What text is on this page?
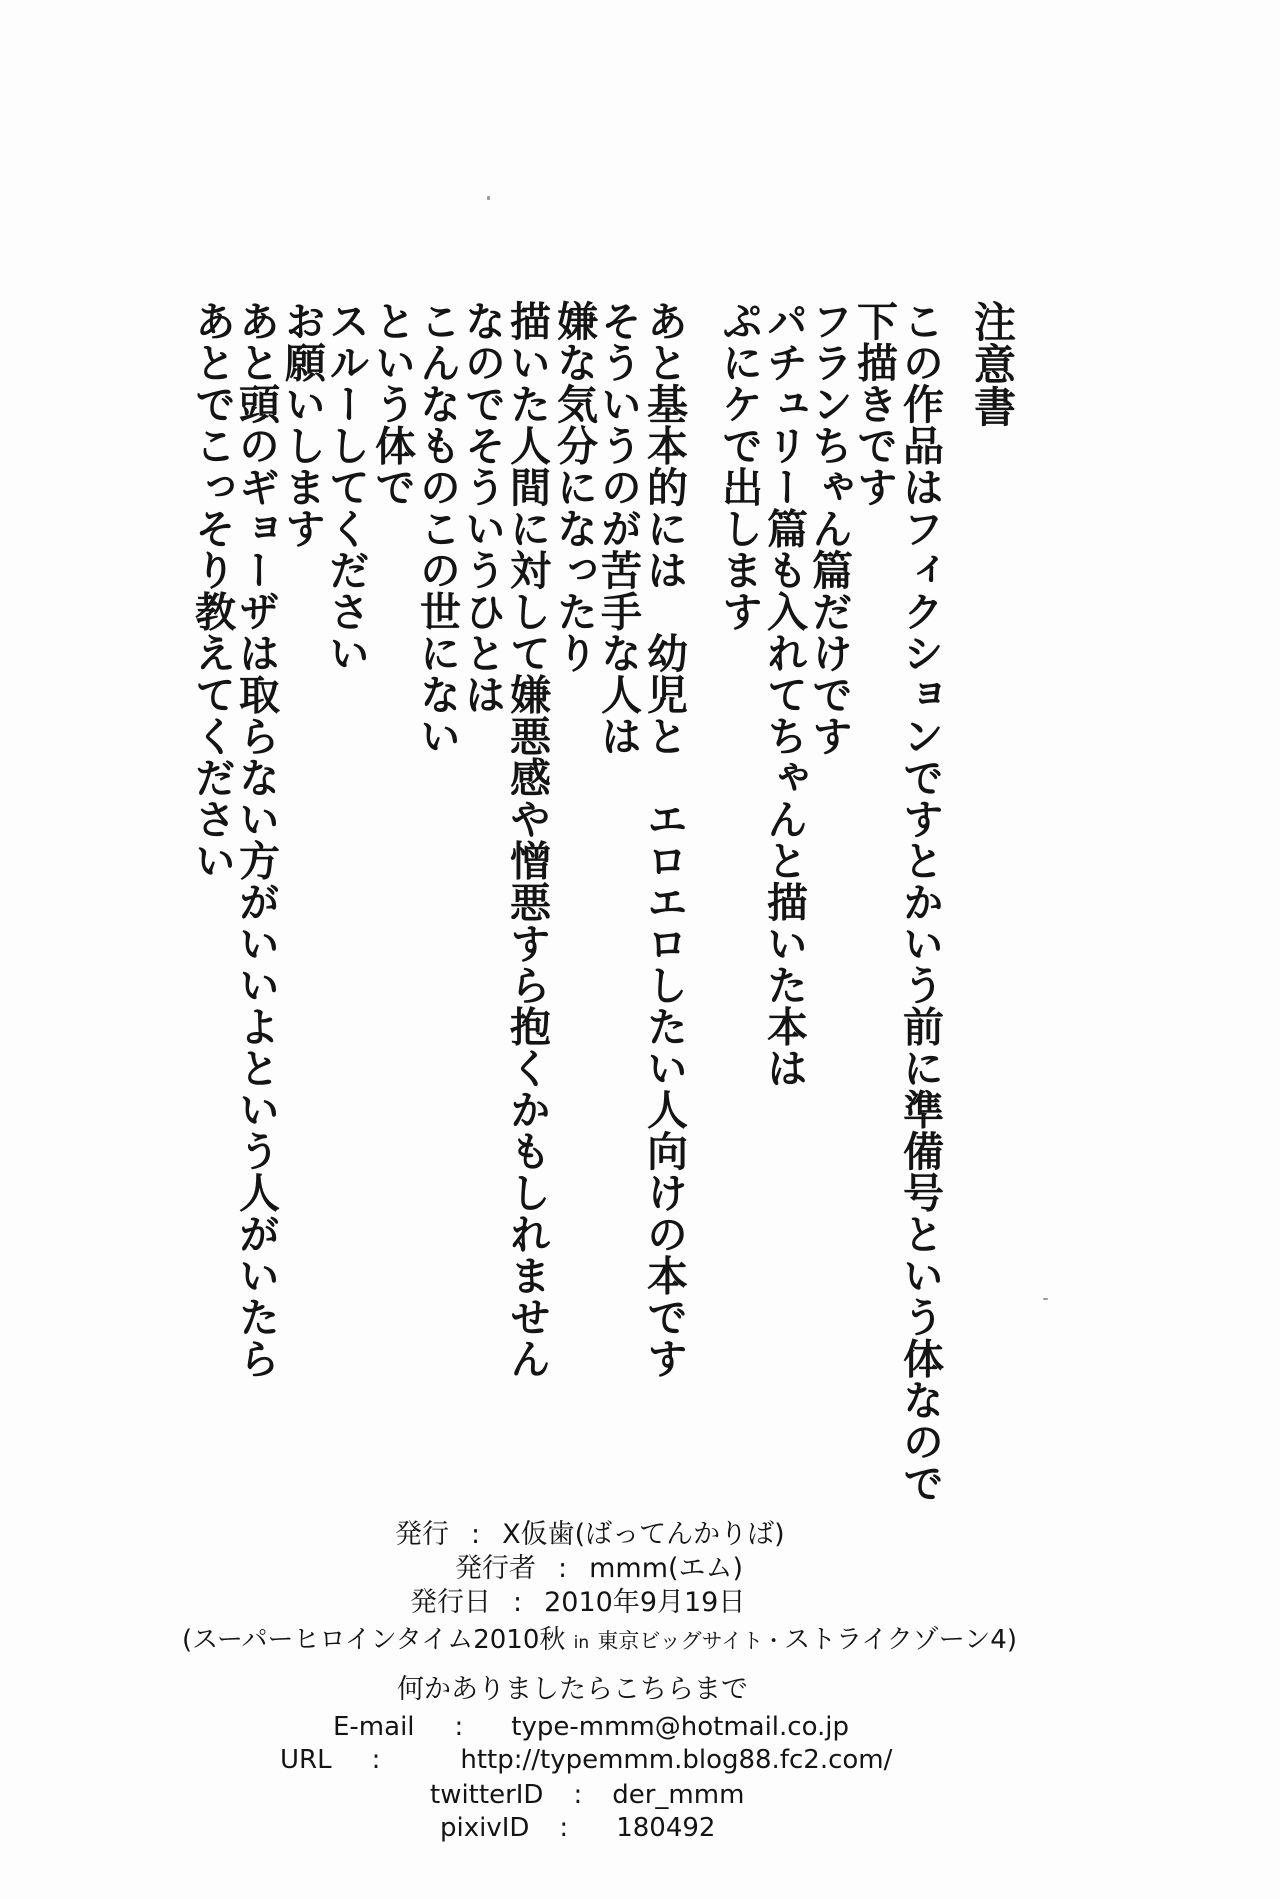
注意書
この作品はフィクションですとかいう前に準備号という体なので
下描きです
フランちゃん篇だけです
パチュリー篇も入れてちゃんと描いた本は
ぷにケで出します
あと基本的には　幼児と　エロエロしたい人向けの本です
そういうのが苦手な人は
嫌な気分になったり
描いた人間に対して嫌悪感や憎悪すら抱くかもしれません
なのでそういうひとは
こんなものこの世にない
という体で
スルーしてください
お願いします
あと頭のギョーザは取らない方がいいよという人がいたら
あとでこっそり教えてください
発行 : X仮歯(ばってんかりば)
発行者 : mmm(エム)
発行日 : 2010年9月19日
(スーパーヒロインタイム2010秋 in 東京ビッグサイト・ストライクゾーン4)
何かありましたらこちらまで
E-mail : type-mmm@hotmail.co.jp
URL :	http://typemmm.blog88.fc2.com/
twitterID : der_mmm
pixivID : 180492
